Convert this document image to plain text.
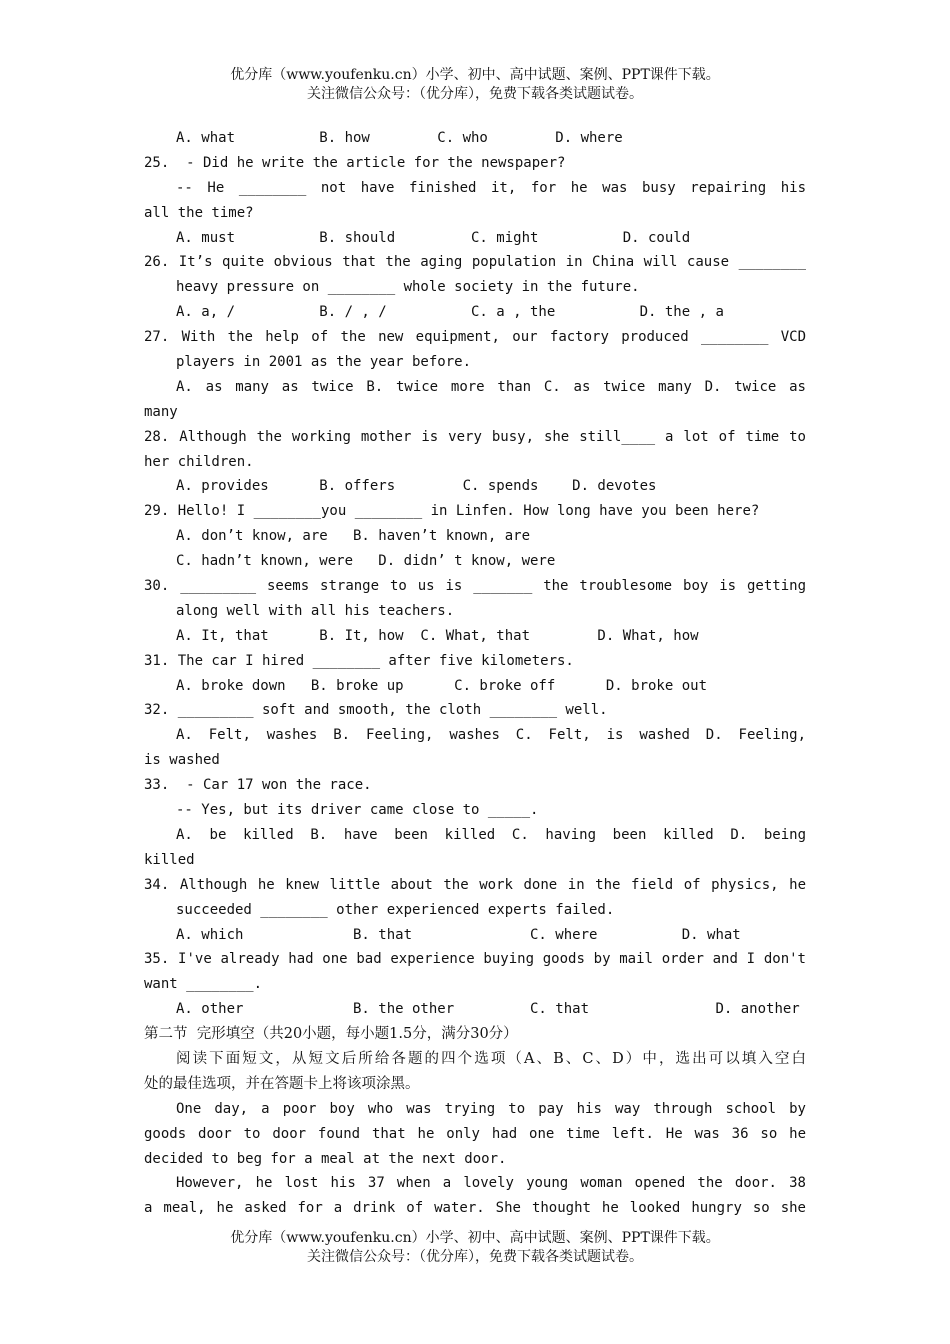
优分库（www.youfenku.cn）小学、初中、高中试题、案例、PPT课件下载。
关注微信公众号：（优分库），免费下载各类试题试卷。
A. what          B. how        C. who        D. where
25.  - Did he write the article for the newspaper?
-- He ________ not have finished it, for he was busy repairing his
all the time?
A. must          B. should         C. might          D. could
26. It’s quite obvious that the aging population in China will cause ________
heavy pressure on ________ whole society in the future.
A. a, /          B. / , /          C. a , the          D. the , a
27. With the help of the new equipment, our factory produced ________ VCD
players in 2001 as the year before.
A. as many as twice B. twice more than C. as twice many D. twice as
many
28. Although the working mother is very busy, she still____ a lot of time to
her children.
A. provides      B. offers        C. spends    D. devotes
29. Hello! I ________you ________ in Linfen. How long have you been here?
A. don’t know, are   B. haven’t known, are
C. hadn’t known, were   D. didn’ t know, were
30. _________ seems strange to us is _______ the troublesome boy is getting
along well with all his teachers.
A. It, that      B. It, how  C. What, that        D. What, how
31. The car I hired ________ after five kilometers.
A. broke down   B. broke up      C. broke off      D. broke out
32. _________ soft and smooth, the cloth ________ well.
A. Felt, washes B. Feeling, washes C. Felt, is washed D. Feeling,
is washed
33.  - Car 17 won the race.
-- Yes, but its driver came close to _____.
A. be killed B. have been killed C. having been killed D. being
killed
34. Although he knew little about the work done in the field of physics, he
succeeded ________ other experienced experts failed.
A. which             B. that              C. where          D. what
35. I've already had one bad experience buying goods by mail order and I don't
want ________.
A. other             B. the other         C. that               D. another
第二节  完形填空（共20小题，每小题1.5分，满分30分）
阅读下面短文，从短文后所给各题的四个选项（A、B、C、D）中，选出可以填入空白
处的最佳选项，并在答题卡上将该项涂黑。
One day, a poor boy who was trying to pay his way through school by
goods door to door found that he only had one time left. He was 36 so he
decided to beg for a meal at the next door.
However, he lost his 37 when a lovely young woman opened the door. 38
a meal, he asked for a drink of water. She thought he looked hungry so she
优分库（www.youfenku.cn）小学、初中、高中试题、案例、PPT课件下载。
关注微信公众号：（优分库），免费下载各类试题试卷。
